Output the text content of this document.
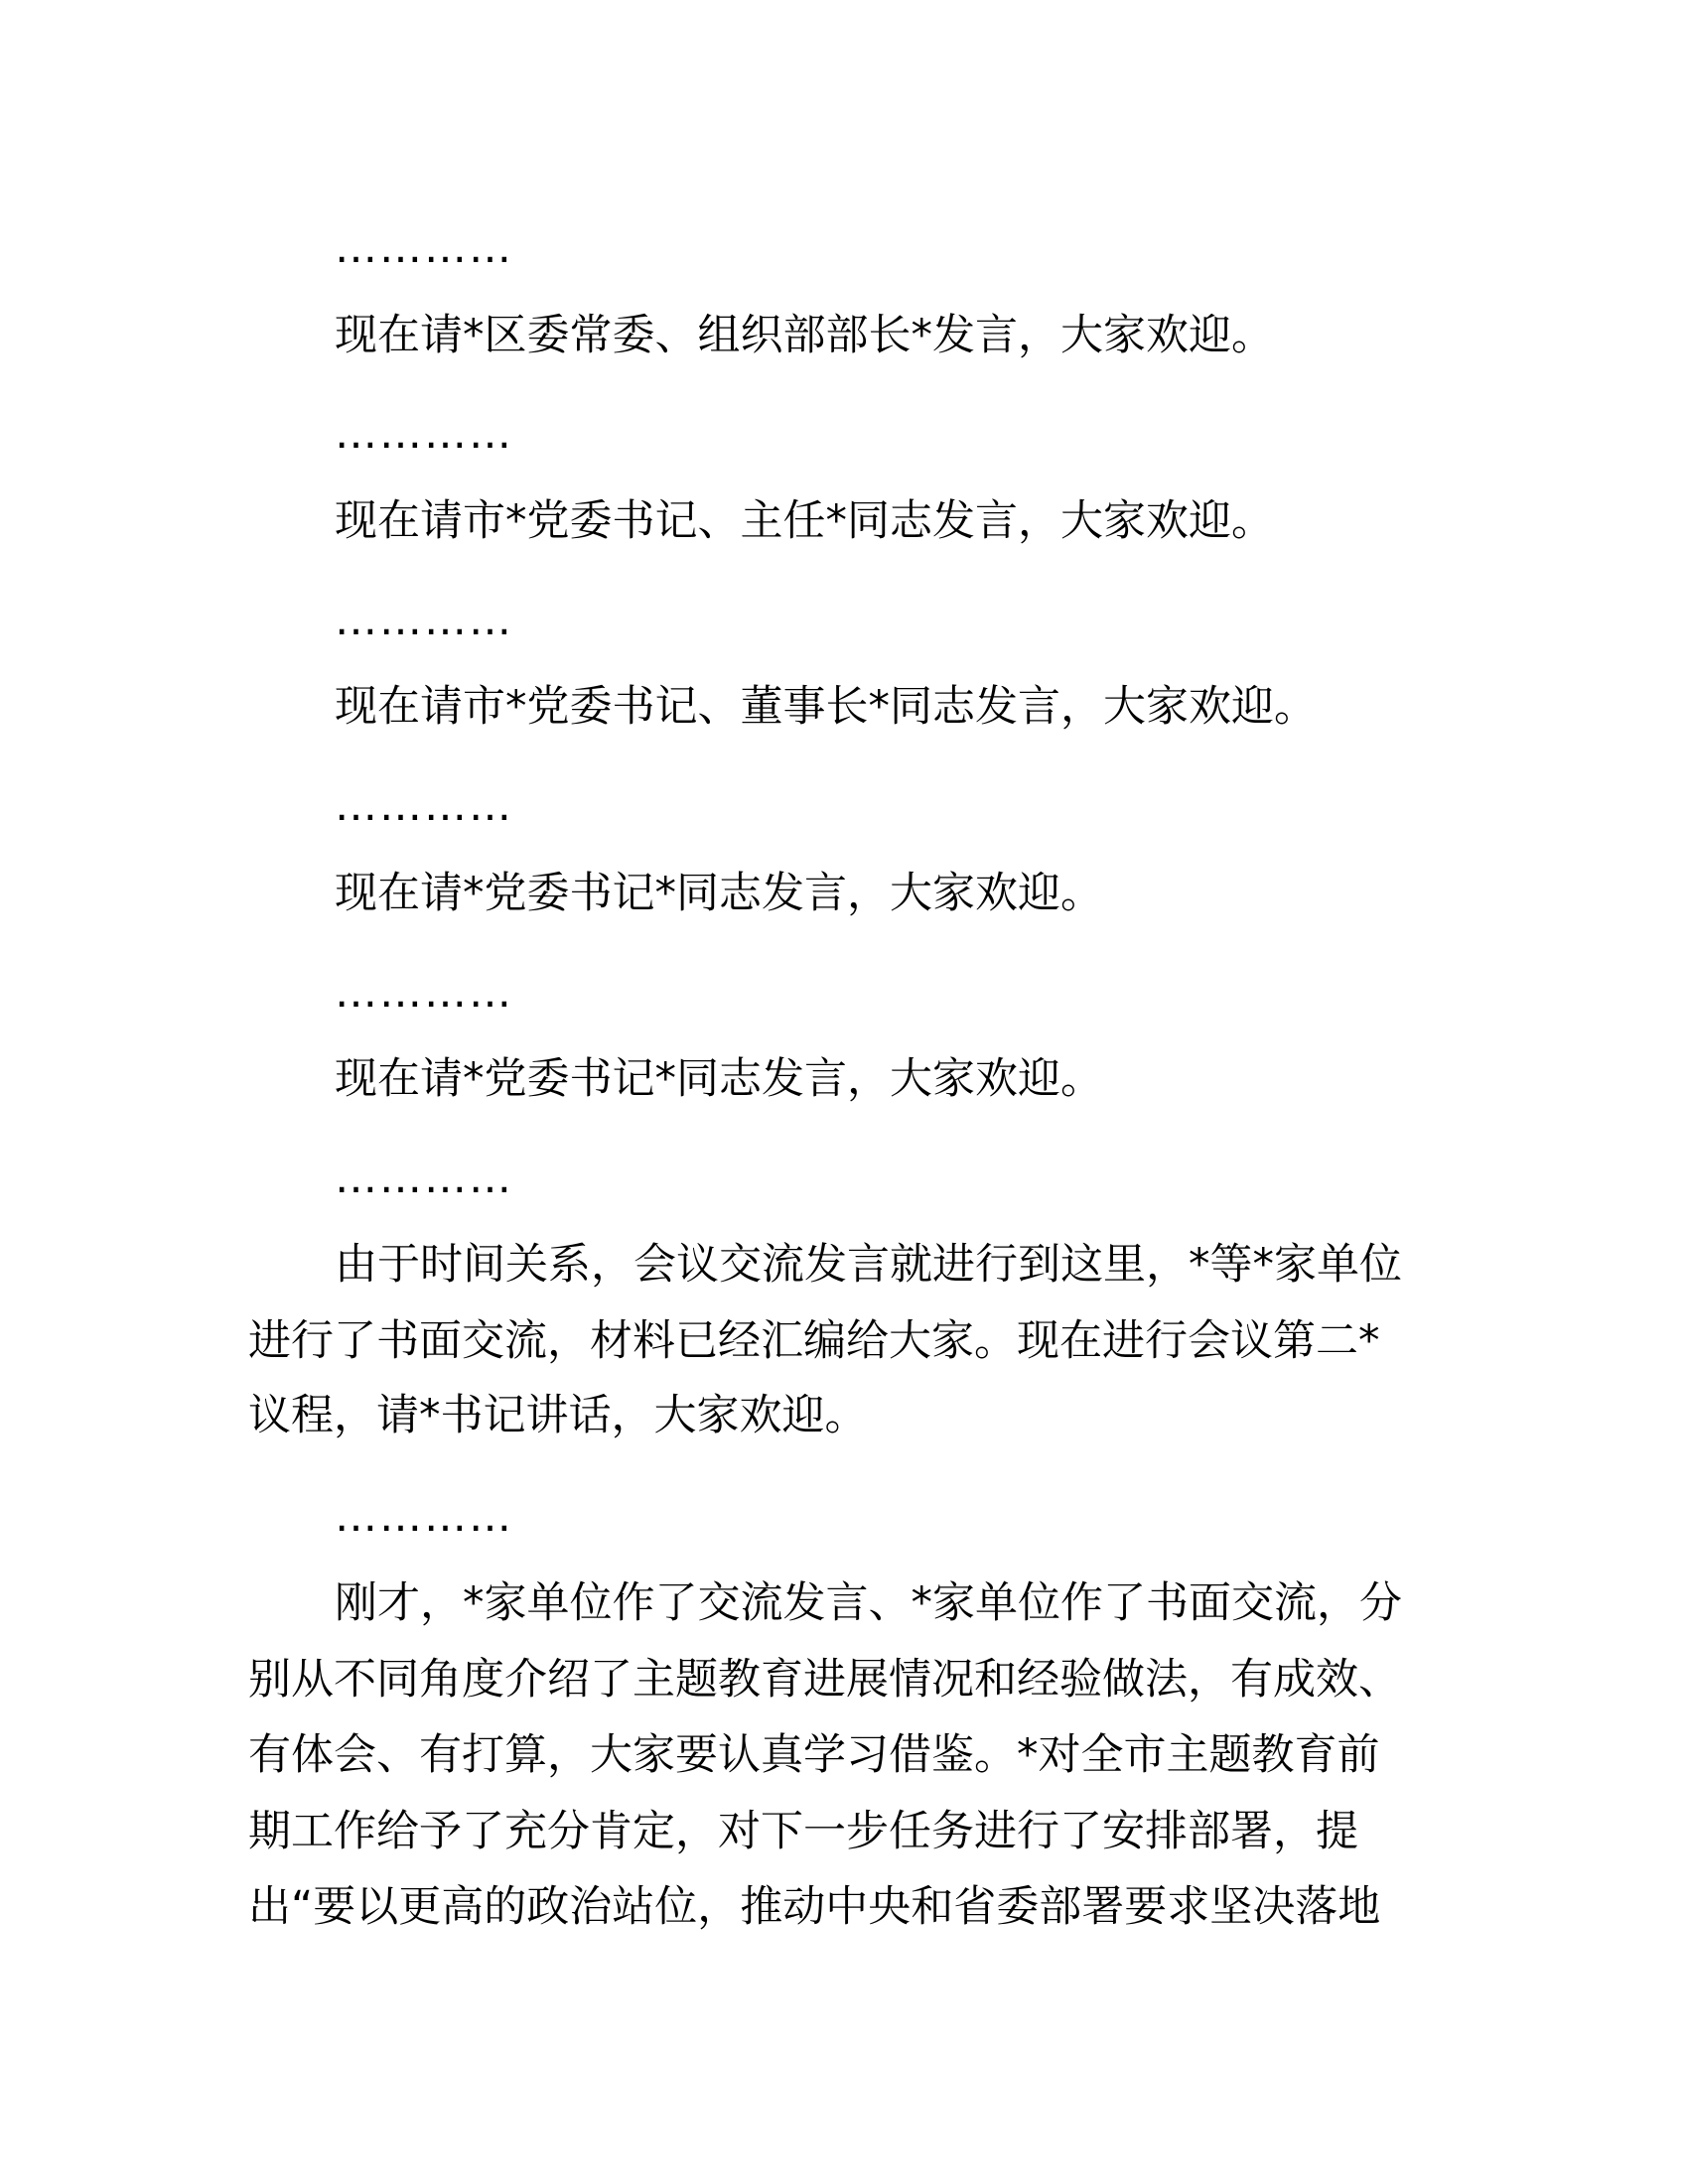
…………
现在请*区委常委、组织部部长*发言，大家欢迎。
…………
现在请市*党委书记、主任*同志发言，大家欢迎。
…………
现在请市*党委书记、董事长*同志发言，大家欢迎。
…………
现在请*党委书记*同志发言，大家欢迎。
…………
现在请*党委书记*同志发言，大家欢迎。
…………
由于时间关系，会议交流发言就进行到这里，*等*家单位
进行了书面交流，材料已经汇编给大家。现在进行会议第二*
议程，请*书记讲话，大家欢迎。
…………
刚才，*家单位作了交流发言、*家单位作了书面交流，分
别从不同角度介绍了主题教育进展情况和经验做法，有成效、
有体会、有打算，大家要认真学习借鉴。*对全市主题教育前
期工作给予了充分肯定，对下一步任务进行了安排部署，提
出“要以更高的政治站位，推动中央和省委部署要求坚决落地
